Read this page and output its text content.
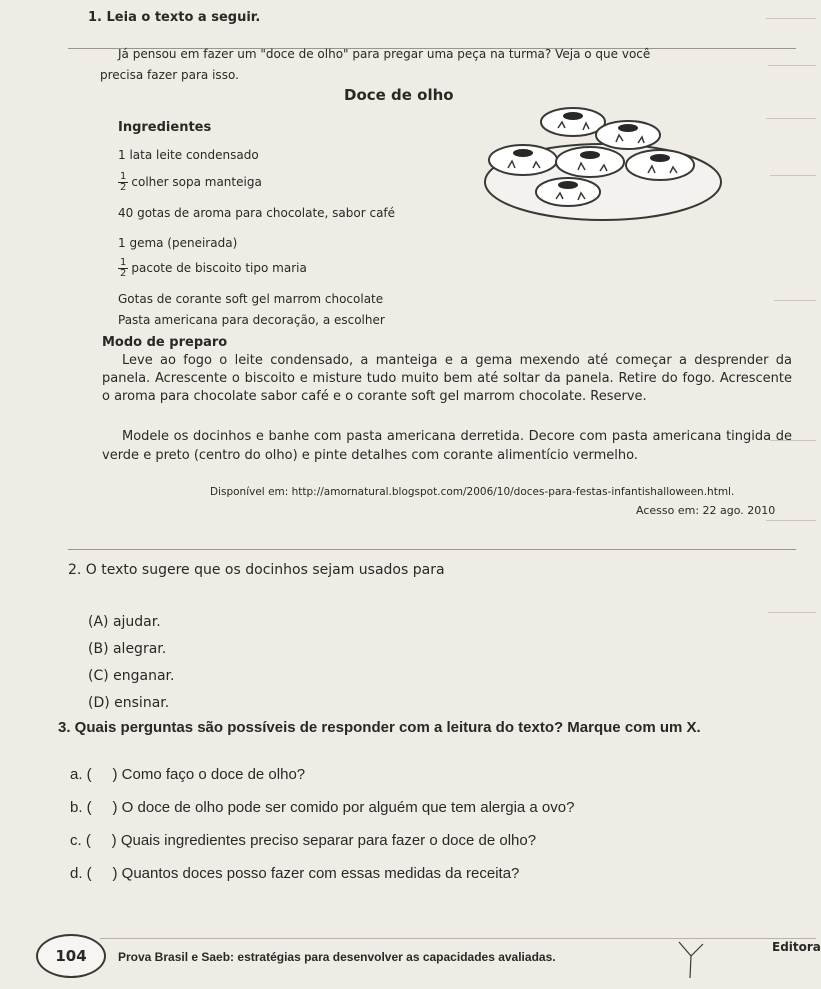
1. Leia o texto a seguir.
Já pensou em fazer um "doce de olho" para pregar uma peça na turma? Veja o que você
precisa fazer para isso.
Doce de olho
Ingredientes
1 lata leite condensado
$\frac{1}{2}$ colher sopa manteiga
40 gotas de aroma para chocolate, sabor café
1 gema (peneirada)
$\frac{1}{2}$ pacote de biscoito tipo maria
Gotas de corante soft gel marrom chocolate
Pasta americana para decoração, a escolher
Modo de preparo
Leve ao fogo o leite condensado, a manteiga e a gema mexendo até começar a desprender da panela. Acrescente o biscoito e misture tudo muito bem até soltar da panela. Retire do fogo. Acrescente o aroma para chocolate sabor café e o corante soft gel marrom chocolate. Reserve.
Modele os docinhos e banhe com pasta americana derretida. Decore com pasta americana tingida de verde e preto (centro do olho) e pinte detalhes com corante alimentício vermelho.
Disponível em: http://amornatural.blogspot.com/2006/10/doces-para-festas-infantishalloween.html.
Acesso em: 22 ago. 2010
2. O texto sugere que os docinhos sejam usados para
(A) ajudar.
(B) alegrar.
(C) enganar.
(D) ensinar.
3. Quais perguntas são possíveis de responder com a leitura do texto? Marque com um X.
a. (     ) Como faço o doce de olho?
b. (     ) O doce de olho pode ser comido por alguém que tem alergia a ovo?
c. (     ) Quais ingredientes preciso separar para fazer o doce de olho?
d. (     ) Quantos doces posso fazer com essas medidas da receita?
104	Prova Brasil e Saeb: estratégias para desenvolver as capacidades avaliadas.
Editora
